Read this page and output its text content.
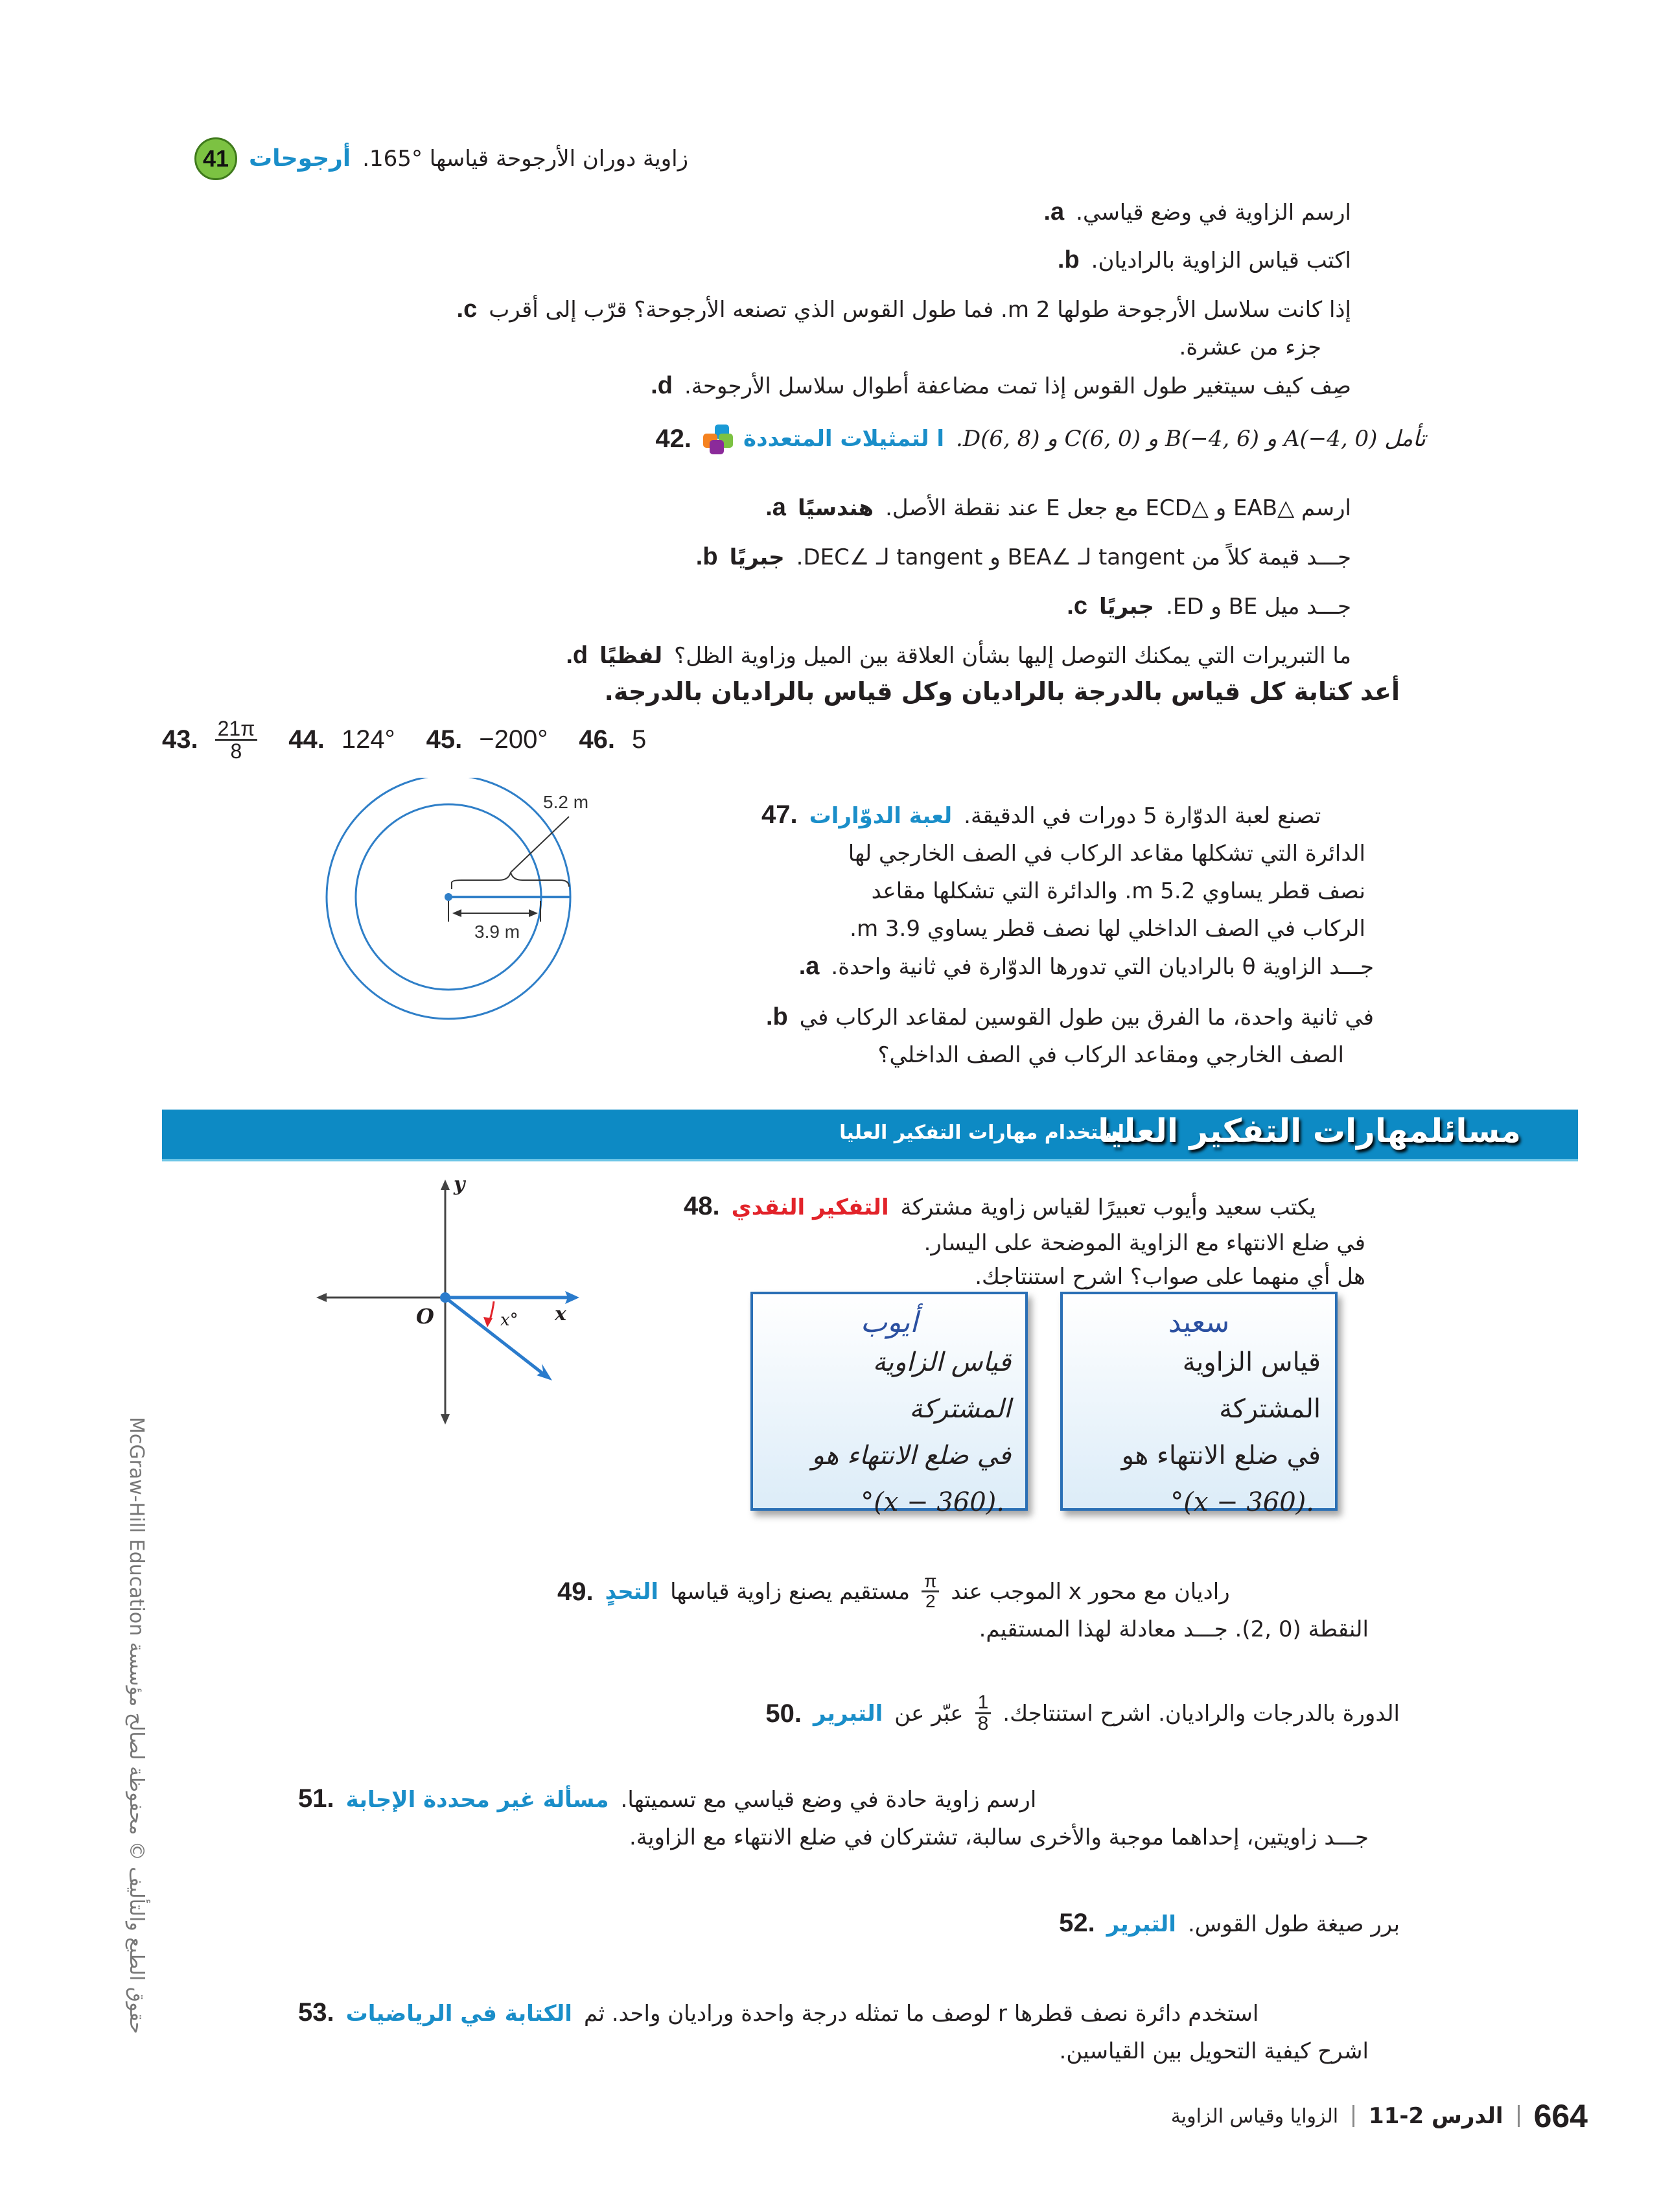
41 أرجوحات زاوية دوران الأرجوحة قياسها °165.
a. ارسم الزاوية في وضع قياسي.
b. اكتب قياس الزاوية بالراديان.
c. إذا كانت سلاسل الأرجوحة طولها 2 m. فما طول القوس الذي تصنعه الأرجوحة؟ قرّب إلى أقرب
جزء من عشرة.
d. صِف كيف سيتغير طول القوس إذا تمت مضاعفة أطوال سلاسل الأرجوحة.
.42 ا لتمثيلات المتعددة تأمل (A(−4, 0 و (B(−4, 6 و (C(6, 0 و (D(6, 8.
a. هندسيًا ارسم △EAB و △ECD مع جعل E عند نقطة الأصل.
b. جبريًا جـــد قيمة كلاً من tangent لـ ∠BEA و tangent لـ ∠DEC.
c. جبريًا جـــد ميل BE و ED.
d. لفظيًا ما التبريرات التي يمكنك التوصل إليها بشأن العلاقة بين الميل وزاوية الظل؟
أعد كتابة كل قياس بالدرجة بالراديان وكل قياس بالراديان بالدرجة.
43. $\frac{21\pi}{8} 44$. 124° 45. −200° 46. 5
5.2 m
3.9 m
.47 لعبة الدوّارات تصنع لعبة الدوّارة 5 دورات في الدقيقة.
الدائرة التي تشكلها مقاعد الركاب في الصف الخارجي لها
نصف قطر يساوي 5.2 m. والدائرة التي تشكلها مقاعد
الركاب في الصف الداخلي لها نصف قطر يساوي 3.9 m.
a. جـــد الزاوية θ بالراديان التي تدورها الدوّارة في ثانية واحدة.
b. في ثانية واحدة، ما الفرق بين طول القوسين لمقاعد الركاب في
الصف الخارجي ومقاعد الركاب في الصف الداخلي؟
مسائلمهارات التفكير العليا
استخدام مهارات التفكير العليا
y
x
O	x°
.48 التفكير النقدي يكتب سعيد وأيوب تعبيرًا لقياس زاوية مشتركة
في ضلع الانتهاء مع الزاوية الموضحة على اليسار.
هل أي منهما على صواب؟ اشرح استنتاجك.
سعيد
قياس الزاوية المشتركة
في ضلع الانتهاء هو
.(x − 360)°
أيوب
قياس الزاوية المشتركة
في ضلع الانتهاء هو
.(360 − x)°
.49 التحدٍ مستقيم يصنع زاوية قياسها $\frac{\pi}{2}$ راديان مع محور x الموجب عند
النقطة (0 ,2). جـــد معادلة لهذا المستقيم.
.50 التبرير عبّر عن $\frac{1}{8}$ الدورة بالدرجات والراديان. اشرح استنتاجك.
.51 مسألة غير محددة الإجابة ارسم زاوية حادة في وضع قياسي مع تسميتها.
جـــد زاويتين، إحداهما موجبة والأخرى سالبة، تشتركان في ضلع الانتهاء مع الزاوية.
.52 التبرير برر صيغة طول القوس.
.53 الكتابة في الرياضيات استخدم دائرة نصف قطرها r لوصف ما تمثله درجة واحدة وراديان واحد. ثم
اشرح كيفية التحويل بين القياسين.
664
الدرس 2-11
الزوايا وقياس الزاوية
McGraw-Hill Education حقوق الطبع والتأليف © محفوظة لصالح مؤسسة
